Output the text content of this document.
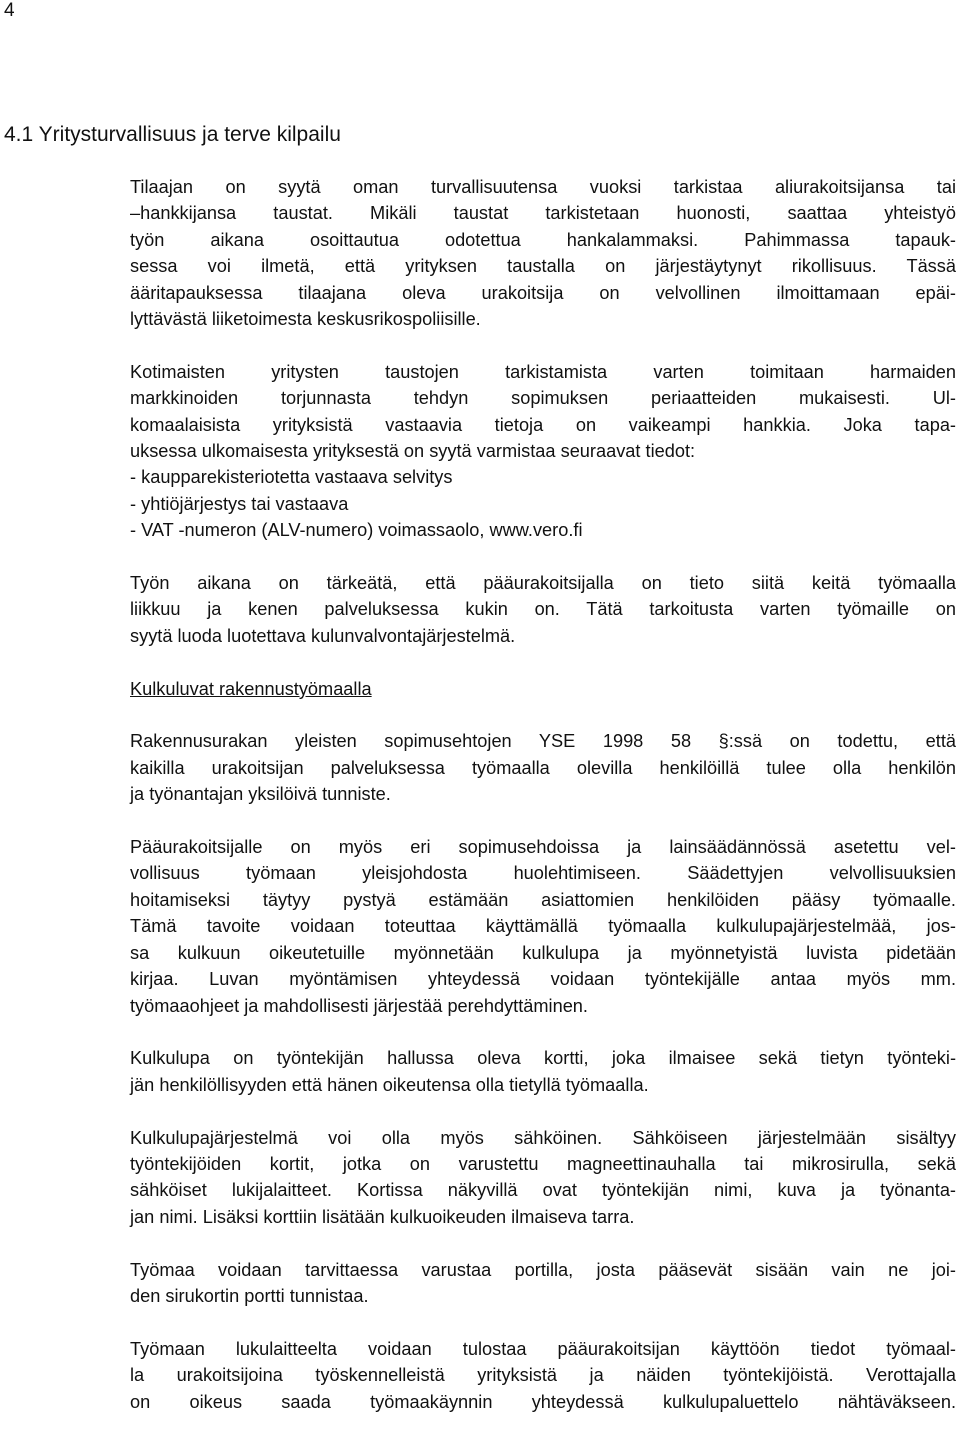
4
4.1 Yritysturvallisuus ja terve kilpailu

Tilaajan on syytä oman turvallisuutensa vuoksi tarkistaa aliurakoitsijansa tai
–hankkijansa taustat. Mikäli taustat tarkistetaan huonosti, saattaa yhteistyö
työn aikana osoittautua odotettua hankalammaksi. Pahimmassa tapauk-
sessa voi ilmetä, että yrityksen taustalla on järjestäytynyt rikollisuus. Tässä
ääritapauksessa tilaajana oleva urakoitsija on velvollinen ilmoittamaan epäi-
lyttävästä liiketoimesta keskusrikospoliisille.

Kotimaisten yritysten taustojen tarkistamista varten toimitaan harmaiden
markkinoiden torjunnasta tehdyn sopimuksen periaatteiden mukaisesti. Ul-
komaalaisista yrityksistä vastaavia tietoja on vaikeampi hankkia. Joka tapa-
uksessa ulkomaisesta yrityksestä on syytä varmistaa seuraavat tiedot:
- kaupparekisteriotetta vastaava selvitys
- yhtiöjärjestys tai vastaava
- VAT -numeron (ALV-numero) voimassaolo, www.vero.fi

Työn aikana on tärkeätä, että pääurakoitsijalla on tieto siitä keitä työmaalla
liikkuu ja kenen palveluksessa kukin on. Tätä tarkoitusta varten työmaille on
syytä luoda luotettava kulunvalvontajärjestelmä.

Kulkuluvat rakennustyömaalla

Rakennusurakan yleisten sopimusehtojen YSE 1998 58 §:ssä on todettu, että
kaikilla urakoitsijan palveluksessa työmaalla olevilla henkilöillä tulee olla henkilön
ja työnantajan yksilöivä tunniste.

Pääurakoitsijalle on myös eri sopimusehdoissa ja lainsäädännössä asetettu vel-
vollisuus työmaan yleisjohdosta huolehtimiseen. Säädettyjen velvollisuuksien
hoitamiseksi täytyy pystyä estämään asiattomien henkilöiden pääsy työmaalle.
Tämä tavoite voidaan toteuttaa käyttämällä työmaalla kulkulupajärjestelmää, jos-
sa kulkuun oikeutetuille myönnetään kulkulupa ja myönnetyistä luvista pidetään
kirjaa. Luvan myöntämisen yhteydessä voidaan työntekijälle antaa myös mm.
työmaaohjeet ja mahdollisesti järjestää perehdyttäminen.

Kulkulupa on työntekijän hallussa oleva kortti, joka ilmaisee sekä tietyn työnteki-
jän henkilöllisyyden että hänen oikeutensa olla tietyllä työmaalla.

Kulkulupajärjestelmä voi olla myös sähköinen. Sähköiseen järjestelmään sisältyy
työntekijöiden kortit, jotka on varustettu magneettinauhalla tai mikrosirulla, sekä
sähköiset lukijalaitteet. Kortissa näkyvillä ovat työntekijän nimi, kuva ja työnanta-
jan nimi. Lisäksi korttiin lisätään kulkuoikeuden ilmaiseva tarra.

Työmaa voidaan tarvittaessa varustaa portilla, josta pääsevät sisään vain ne joi-
den sirukortin portti tunnistaa.

Työmaan lukulaitteelta voidaan tulostaa pääurakoitsijan käyttöön tiedot työmaal-
la urakoitsijoina työskennelleistä yrityksistä ja näiden työntekijöistä. Verottajalla
on oikeus saada työmaakäynnin yhteydessä kulkulupaluettelo nähtäväkseen.
